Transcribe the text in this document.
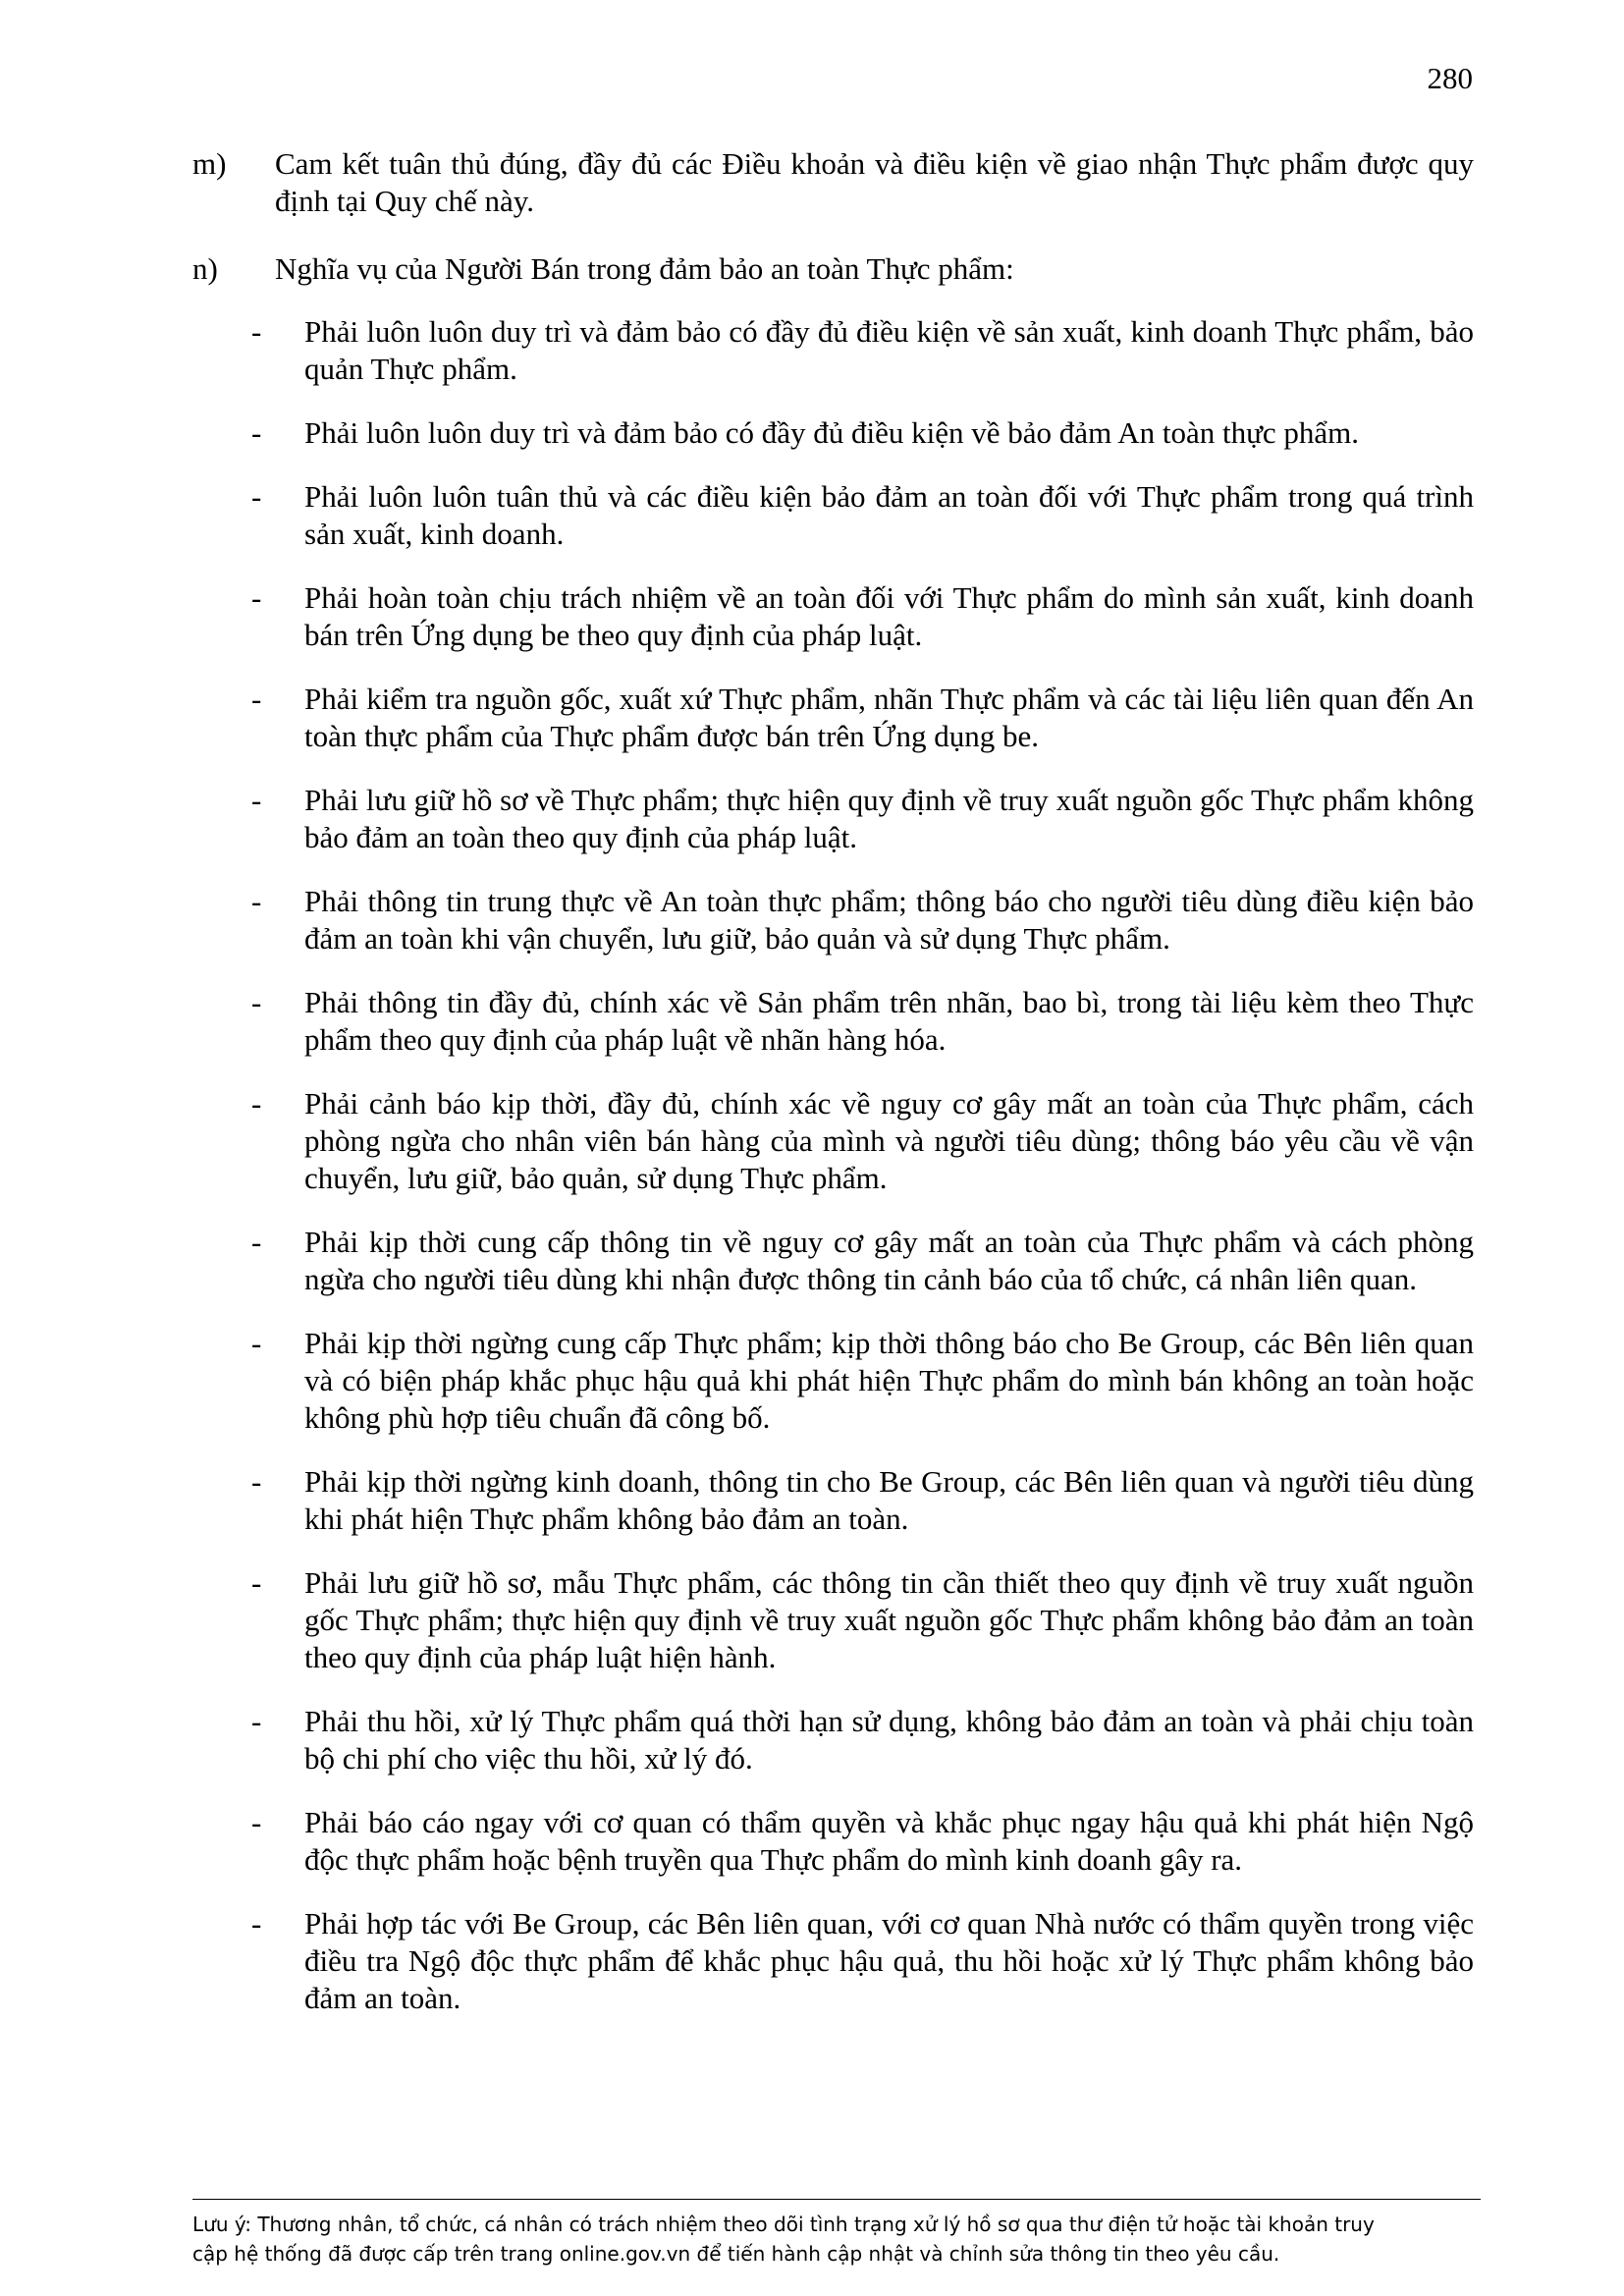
280
m) Cam kết tuân thủ đúng, đầy đủ các Điều khoản và điều kiện về giao nhận Thực phẩm được quy định tại Quy chế này.
n) Nghĩa vụ của Người Bán trong đảm bảo an toàn Thực phẩm:
- Phải luôn luôn duy trì và đảm bảo có đầy đủ điều kiện về sản xuất, kinh doanh Thực phẩm, bảo quản Thực phẩm.
- Phải luôn luôn duy trì và đảm bảo có đầy đủ điều kiện về bảo đảm An toàn thực phẩm.
- Phải luôn luôn tuân thủ và các điều kiện bảo đảm an toàn đối với Thực phẩm trong quá trình sản xuất, kinh doanh.
- Phải hoàn toàn chịu trách nhiệm về an toàn đối với Thực phẩm do mình sản xuất, kinh doanh bán trên Ứng dụng be theo quy định của pháp luật.
- Phải kiểm tra nguồn gốc, xuất xứ Thực phẩm, nhãn Thực phẩm và các tài liệu liên quan đến An toàn thực phẩm của Thực phẩm được bán trên Ứng dụng be.
- Phải lưu giữ hồ sơ về Thực phẩm; thực hiện quy định về truy xuất nguồn gốc Thực phẩm không bảo đảm an toàn theo quy định của pháp luật.
- Phải thông tin trung thực về An toàn thực phẩm; thông báo cho người tiêu dùng điều kiện bảo đảm an toàn khi vận chuyển, lưu giữ, bảo quản và sử dụng Thực phẩm.
- Phải thông tin đầy đủ, chính xác về Sản phẩm trên nhãn, bao bì, trong tài liệu kèm theo Thực phẩm theo quy định của pháp luật về nhãn hàng hóa.
- Phải cảnh báo kịp thời, đầy đủ, chính xác về nguy cơ gây mất an toàn của Thực phẩm, cách phòng ngừa cho nhân viên bán hàng của mình và người tiêu dùng; thông báo yêu cầu về vận chuyển, lưu giữ, bảo quản, sử dụng Thực phẩm.
- Phải kịp thời cung cấp thông tin về nguy cơ gây mất an toàn của Thực phẩm và cách phòng ngừa cho người tiêu dùng khi nhận được thông tin cảnh báo của tổ chức, cá nhân liên quan.
- Phải kịp thời ngừng cung cấp Thực phẩm; kịp thời thông báo cho Be Group, các Bên liên quan và có biện pháp khắc phục hậu quả khi phát hiện Thực phẩm do mình bán không an toàn hoặc không phù hợp tiêu chuẩn đã công bố.
- Phải kịp thời ngừng kinh doanh, thông tin cho Be Group, các Bên liên quan và người tiêu dùng khi phát hiện Thực phẩm không bảo đảm an toàn.
- Phải lưu giữ hồ sơ, mẫu Thực phẩm, các thông tin cần thiết theo quy định về truy xuất nguồn gốc Thực phẩm; thực hiện quy định về truy xuất nguồn gốc Thực phẩm không bảo đảm an toàn theo quy định của pháp luật hiện hành.
- Phải thu hồi, xử lý Thực phẩm quá thời hạn sử dụng, không bảo đảm an toàn và phải chịu toàn bộ chi phí cho việc thu hồi, xử lý đó.
- Phải báo cáo ngay với cơ quan có thẩm quyền và khắc phục ngay hậu quả khi phát hiện Ngộ độc thực phẩm hoặc bệnh truyền qua Thực phẩm do mình kinh doanh gây ra.
- Phải hợp tác với Be Group, các Bên liên quan, với cơ quan Nhà nước có thẩm quyền trong việc điều tra Ngộ độc thực phẩm để khắc phục hậu quả, thu hồi hoặc xử lý Thực phẩm không bảo đảm an toàn.
Lưu ý: Thương nhân, tổ chức, cá nhân có trách nhiệm theo dõi tình trạng xử lý hồ sơ qua thư điện tử hoặc tài khoản truy
cập hệ thống đã được cấp trên trang online.gov.vn để tiến hành cập nhật và chỉnh sửa thông tin theo yêu cầu.
